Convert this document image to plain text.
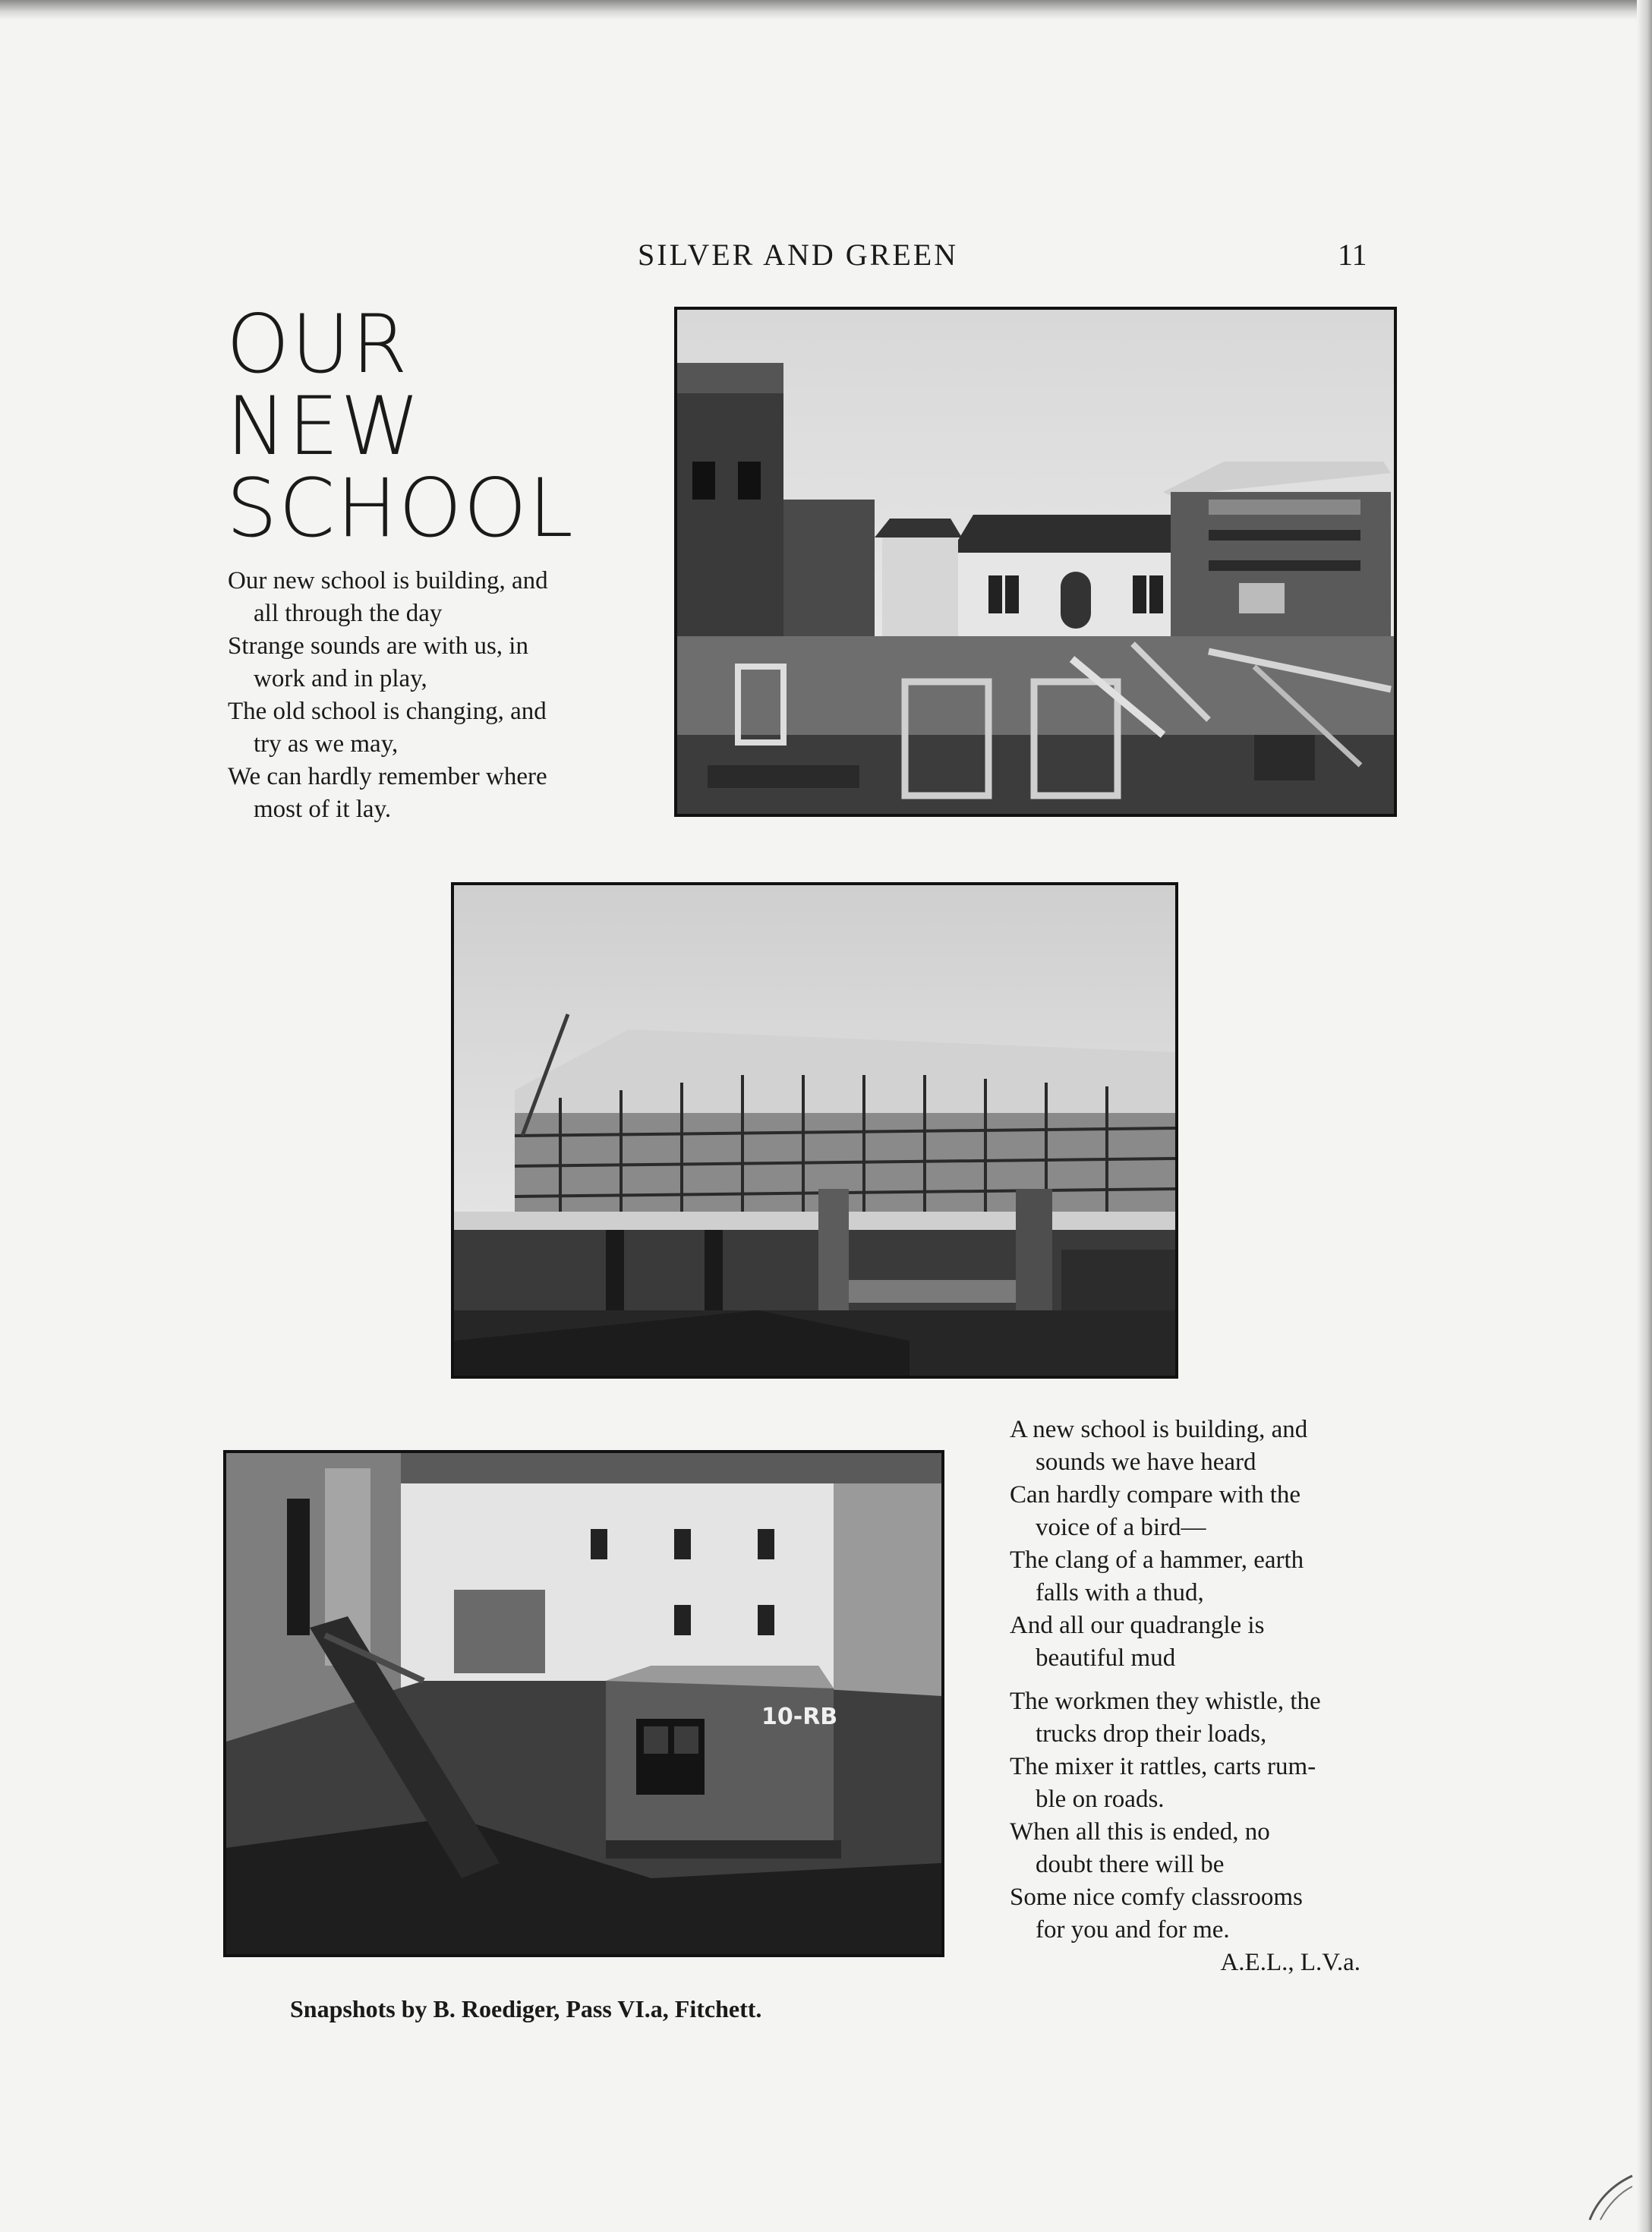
SILVER AND GREEN	11
OUR
NEW
SCHOOL
Our new school is building, and
all through the day
Strange sounds are with us, in
work and in play,
The old school is changing, and
try as we may,
We can hardly remember where
most of it lay.
10-RB
A new school is building, and
sounds we have heard
Can hardly compare with the
voice of a bird—
The clang of a hammer, earth
falls with a thud,
And all our quadrangle is
beautiful mud
The workmen they whistle, the
trucks drop their loads,
The mixer it rattles, carts rum-
ble on roads.
When all this is ended, no
doubt there will be
Some nice comfy classrooms
for you and for me.
A.E.L., L.V.a.
Snapshots by B. Roediger, Pass VI.a, Fitchett.
